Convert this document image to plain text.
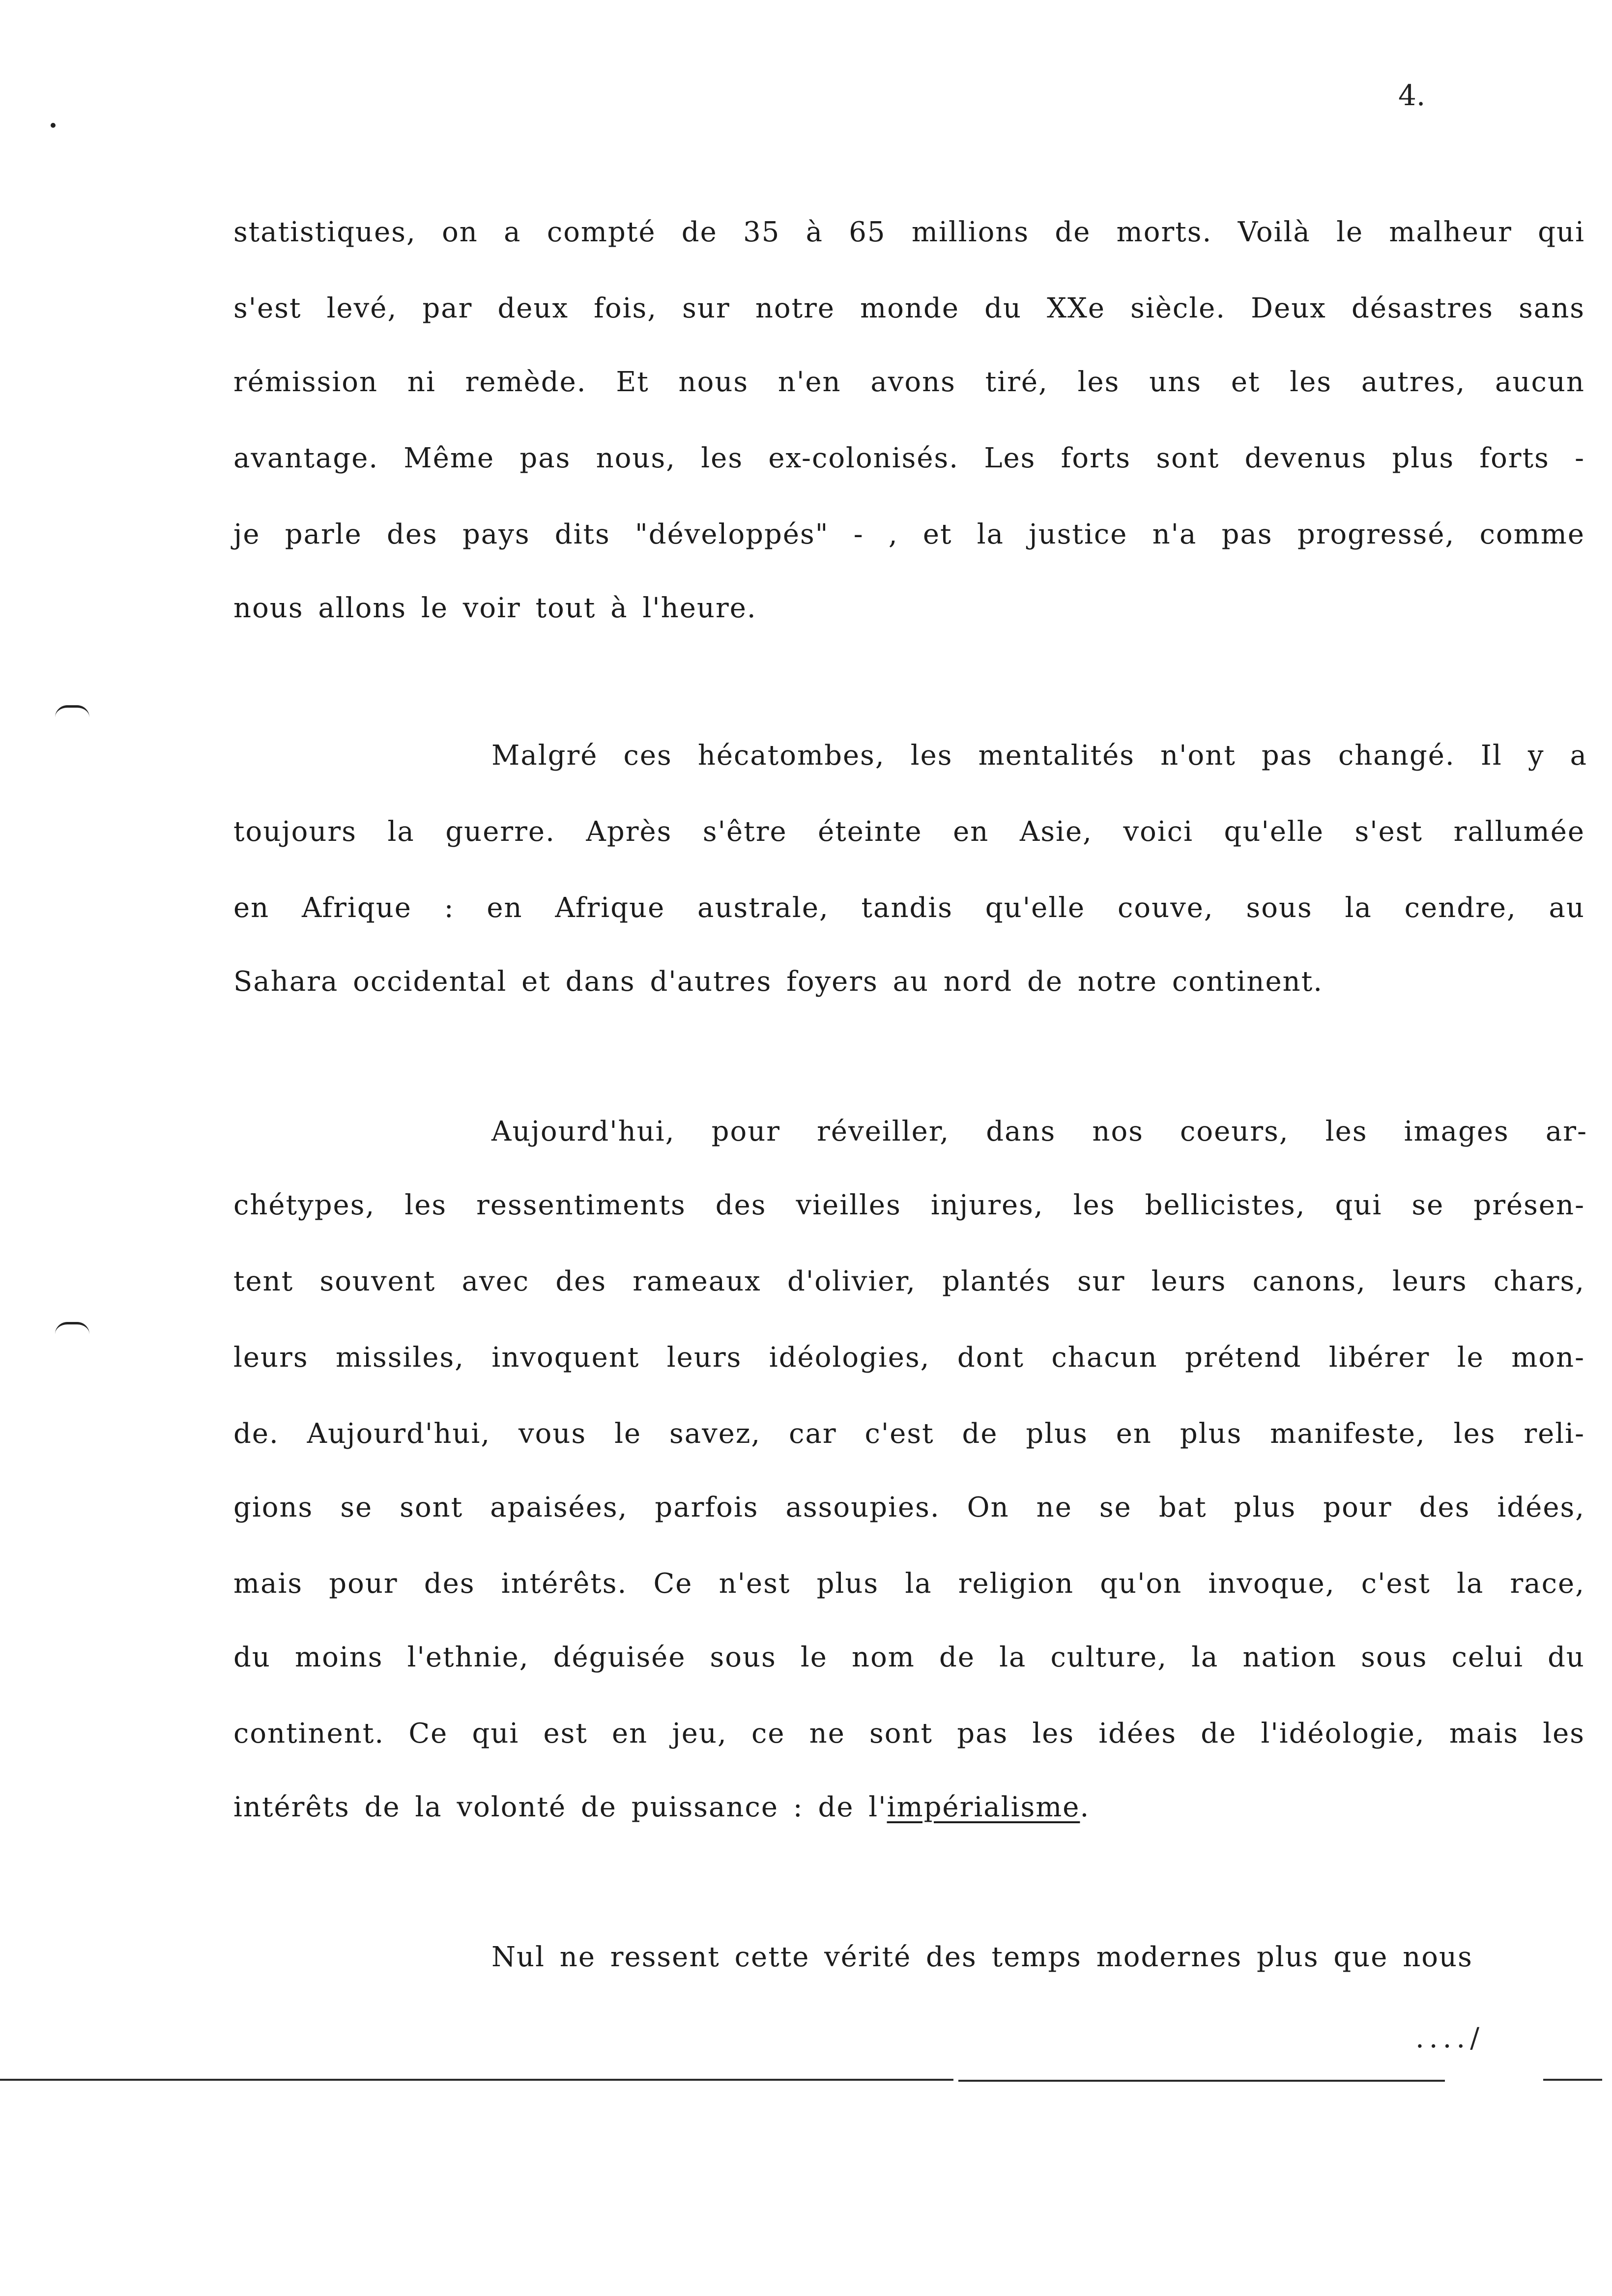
4.
statistiques, on a compté de 35 à 65 millions de morts. Voilà le malheur qui
s'est levé, par deux fois, sur notre monde du XXe siècle. Deux désastres sans
rémission ni remède. Et nous n'en avons tiré, les uns et les autres, aucun
avantage. Même pas nous, les ex-colonisés. Les forts sont devenus plus forts -
je parle des pays dits "développés" - , et la justice n'a pas progressé, comme
nous allons le voir tout à l'heure.
Malgré ces hécatombes, les mentalités n'ont pas changé. Il y a
toujours la guerre. Après s'être éteinte en Asie, voici qu'elle s'est rallumée
en Afrique : en Afrique australe, tandis qu'elle couve, sous la cendre, au
Sahara occidental et dans d'autres foyers au nord de notre continent.
Aujourd'hui, pour réveiller, dans nos coeurs, les images ar-
chétypes, les ressentiments des vieilles injures, les bellicistes, qui se présen-
tent souvent avec des rameaux d'olivier, plantés sur leurs canons, leurs chars,
leurs missiles, invoquent leurs idéologies, dont chacun prétend libérer le mon-
de. Aujourd'hui, vous le savez, car c'est de plus en plus manifeste, les reli-
gions se sont apaisées, parfois assoupies. On ne se bat plus pour des idées,
mais pour des intérêts. Ce n'est plus la religion qu'on invoque, c'est la race,
du moins l'ethnie, déguisée sous le nom de la culture, la nation sous celui du
continent. Ce qui est en jeu, ce ne sont pas les idées de l'idéologie, mais les
intérêts de la volonté de puissance : de l'impérialisme.
Nul ne ressent cette vérité des temps modernes plus que nous
..../
